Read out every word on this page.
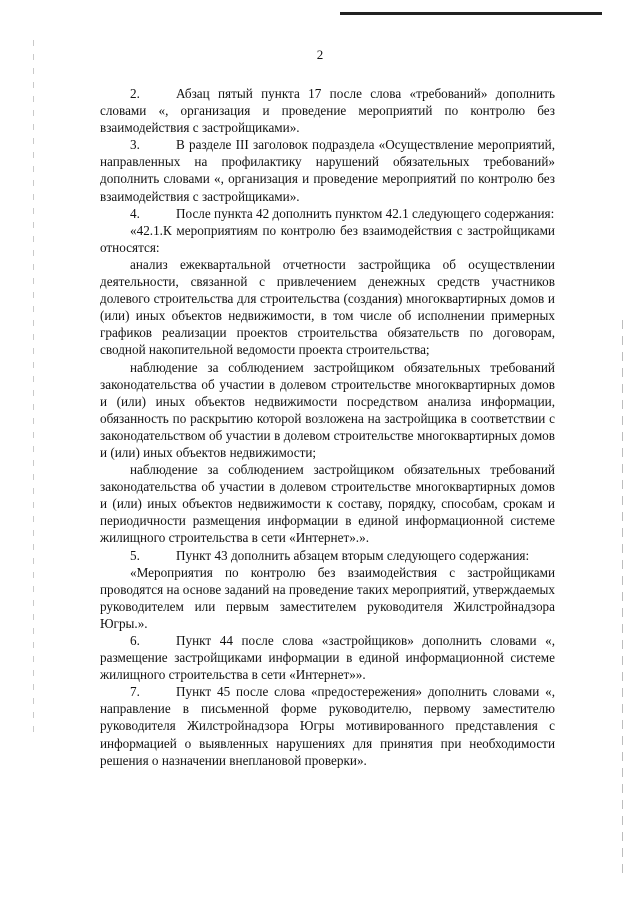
2

2.	Абзац пятый пункта 17 после слова «требований» дополнить словами «, организация и проведение мероприятий по контролю без взаимодействия с застройщиками».

3.	В разделе III заголовок подраздела «Осуществление мероприятий, направленных на профилактику нарушений обязательных требований» дополнить словами «, организация и проведение мероприятий по контролю без взаимодействия с застройщиками».

4.	После пункта 42 дополнить пунктом 42.1 следующего содержания:

«42.1.К мероприятиям по контролю без взаимодействия с застройщиками относятся:

анализ ежеквартальной отчетности застройщика об осуществлении деятельности, связанной с привлечением денежных средств участников долевого строительства для строительства (создания) многоквартирных домов и (или) иных объектов недвижимости, в том числе об исполнении примерных графиков реализации проектов строительства обязательств по договорам, сводной накопительной ведомости проекта строительства;

наблюдение за соблюдением застройщиком обязательных требований законодательства об участии в долевом строительстве многоквартирных домов и (или) иных объектов недвижимости посредством анализа информации, обязанность по раскрытию которой возложена на застройщика в соответствии с законодательством об участии в долевом строительстве многоквартирных домов и (или) иных объектов недвижимости;

наблюдение за соблюдением застройщиком обязательных требований законодательства об участии в долевом строительстве многоквартирных домов и (или) иных объектов недвижимости к составу, порядку, способам, срокам и периодичности размещения информации в единой информационной системе жилищного строительства в сети «Интернет».».

5.	Пункт 43 дополнить абзацем вторым следующего содержания:

«Мероприятия по контролю без взаимодействия с застройщиками проводятся на основе заданий на проведение таких мероприятий, утверждаемых руководителем или первым заместителем руководителя Жилстройнадзора Югры.».

6.	Пункт 44 после слова «застройщиков» дополнить словами «, размещение застройщиками информации в единой информационной системе жилищного строительства в сети «Интернет»».

7.	Пункт 45 после слова «предостережения» дополнить словами «, направление в письменной форме руководителю, первому заместителю руководителя Жилстройнадзора Югры мотивированного представления с информацией о выявленных нарушениях для принятия при необходимости решения о назначении внеплановой проверки».
